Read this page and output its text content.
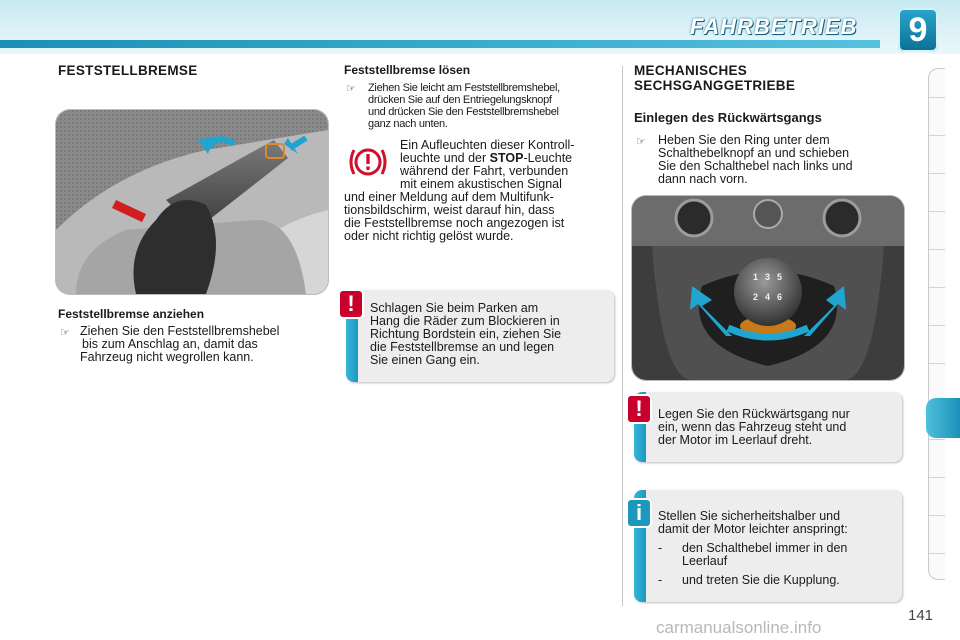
FAHRBETRIEB	9
FESTSTELLBREMSE
Feststellbremse anziehen
☞ Ziehen Sie den Feststellbremshebel
bis zum Anschlag an, damit das
Fahrzeug nicht wegrollen kann.
Feststellbremse lösen
☞ Ziehen Sie leicht am Feststellbremshebel,
drücken Sie auf den Entriegelungsknopf
und drücken Sie den Feststellbremshebel
ganz nach unten.
Ein Aufleuchten dieser Kontroll-
leuchte und der STOP-Leuchte
während der Fahrt, verbunden
mit einem akustischen Signal
und einer Meldung auf dem Multifunk-
tionsbildschirm, weist darauf hin, dass
die Feststellbremse noch angezogen ist
oder nicht richtig gelöst wurde.
Schlagen Sie beim Parken am
Hang die Räder zum Blockieren in
Richtung Bordstein ein, ziehen Sie
die Feststellbremse an und legen
Sie einen Gang ein.
!
MECHANISCHES
SECHSGANGGETRIEBE
Einlegen des Rückwärtsgangs
☞ Heben Sie den Ring unter dem
Schalthebelknopf an und schieben
Sie den Schalthebel nach links und
dann nach vorn.
1 3 5
2 4 6
Legen Sie den Rückwärtsgang nur
ein, wenn das Fahrzeug steht und
der Motor im Leerlauf dreht.
!
Stellen Sie sicherheitshalber und
damit der Motor leichter anspringt:
- den Schalthebel immer in den
Leerlauf
- und treten Sie die Kupplung.
i
141
carmanualsonline.info
